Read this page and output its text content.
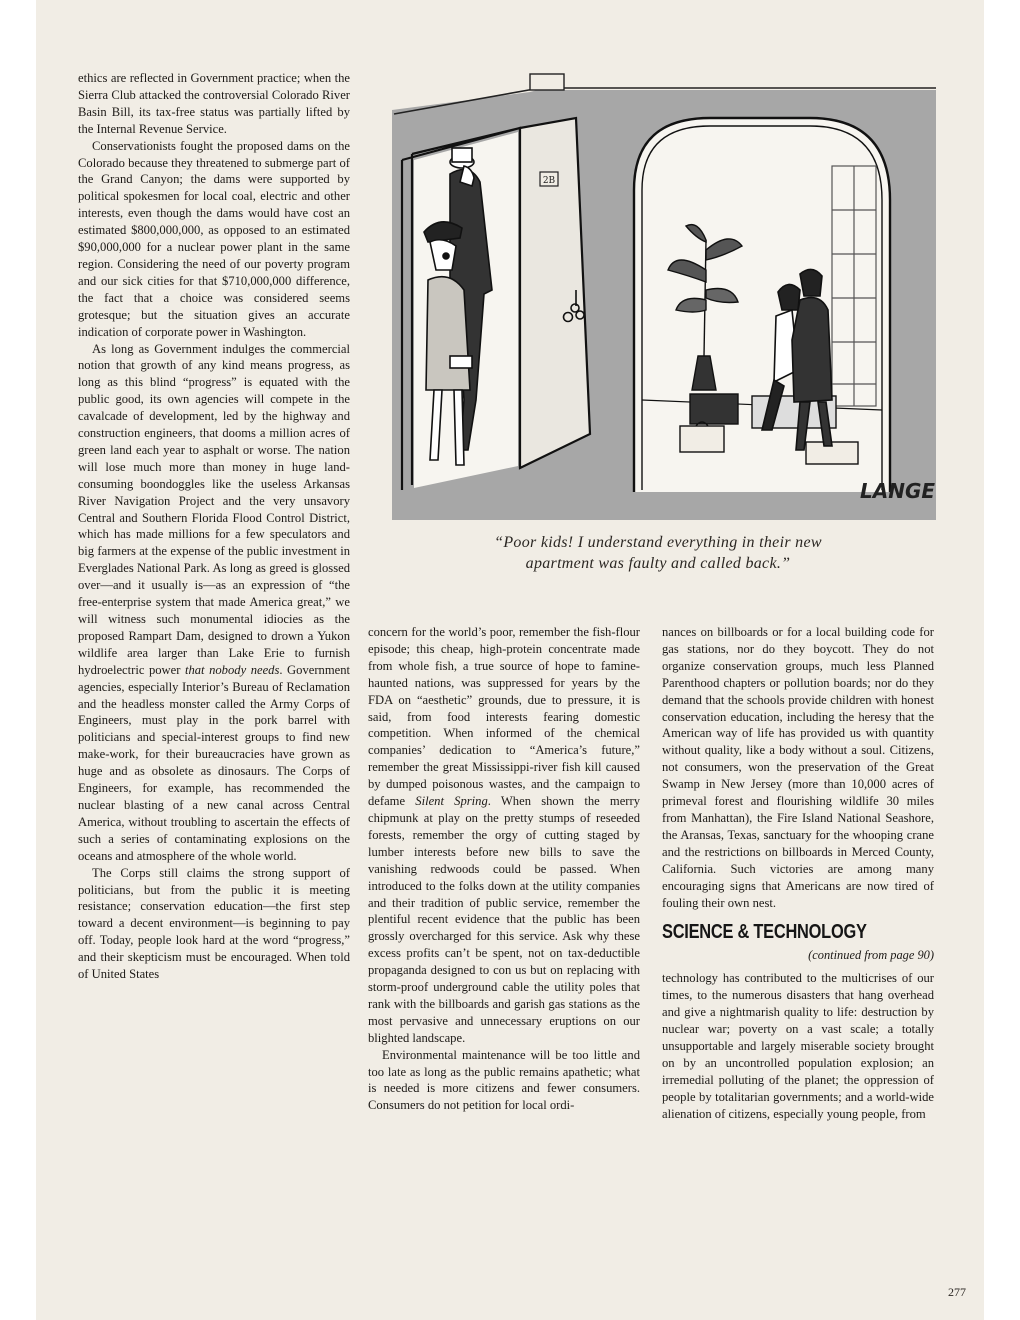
ethics are reflected in Government practice; when the Sierra Club attacked the controversial Colorado River Basin Bill, its tax-free status was partially lifted by the Internal Revenue Service.

Conservationists fought the proposed dams on the Colorado because they threatened to submerge part of the Grand Canyon; the dams were supported by political spokesmen for local coal, electric and other interests, even though the dams would have cost an estimated $800,000,000, as opposed to an estimated $90,000,000 for a nuclear power plant in the same region. Considering the need of our poverty program and our sick cities for that $710,000,000 difference, the fact that a choice was considered seems grotesque; but the situation gives an accurate indication of corporate power in Washington.

As long as Government indulges the commercial notion that growth of any kind means progress, as long as this blind “progress” is equated with the public good, its own agencies will compete in the cavalcade of development, led by the highway and construction engineers, that dooms a million acres of green land each year to asphalt or worse. The nation will lose much more than money in huge land-consuming boondoggles like the useless Arkansas River Navigation Project and the very unsavory Central and Southern Florida Flood Control District, which has made millions for a few speculators and big farmers at the expense of the public investment in Everglades National Park. As long as greed is glossed over—and it usually is—as an expression of “the free-enterprise system that made America great,” we will witness such monumental idiocies as the proposed Rampart Dam, designed to drown a Yukon wildlife area larger than Lake Erie to furnish hydroelectric power that nobody needs. Government agencies, especially Interior’s Bureau of Reclamation and the headless monster called the Army Corps of Engineers, must play in the pork barrel with politicians and special-interest groups to find new make-work, for their bureaucracies have grown as huge and as obsolete as dinosaurs. The Corps of Engineers, for example, has recommended the nuclear blasting of a new canal across Central America, without troubling to ascertain the effects of such a series of contaminating explosions on the oceans and atmosphere of the whole world.

The Corps still claims the strong support of politicians, but from the public it is meeting resistance; conservation education—the first step toward a decent environment—is beginning to pay off. Today, people look hard at the word “progress,” and their skepticism must be encouraged. When told of United States

2B
LANGE
“Poor kids! I understand everything in their new
apartment was faulty and called back.”

concern for the world’s poor, remember the fish-flour episode; this cheap, high-protein concentrate made from whole fish, a true source of hope to famine-haunted nations, was suppressed for years by the FDA on “aesthetic” grounds, due to pressure, it is said, from food interests fearing domestic competition. When informed of the chemical companies’ dedication to “America’s future,” remember the great Mississippi-river fish kill caused by dumped poisonous wastes, and the campaign to defame Silent Spring. When shown the merry chipmunk at play on the pretty stumps of reseeded forests, remember the orgy of cutting staged by lumber interests before new bills to save the vanishing redwoods could be passed. When introduced to the folks down at the utility companies and their tradition of public service, remember the plentiful recent evidence that the public has been grossly overcharged for this service. Ask why these excess profits can’t be spent, not on tax-deductible propaganda designed to con us but on replacing with storm-proof underground cable the utility poles that rank with the billboards and garish gas stations as the most pervasive and unnecessary eruptions on our blighted landscape.

Environmental maintenance will be too little and too late as long as the public remains apathetic; what is needed is more citizens and fewer consumers. Consumers do not petition for local ordi-

nances on billboards or for a local building code for gas stations, nor do they boycott. They do not organize conservation groups, much less Planned Parenthood chapters or pollution boards; nor do they demand that the schools provide children with honest conservation education, including the heresy that the American way of life has provided us with quantity without quality, like a body without a soul. Citizens, not consumers, won the preservation of the Great Swamp in New Jersey (more than 10,000 acres of primeval forest and flourishing wildlife 30 miles from Manhattan), the Fire Island National Seashore, the Aransas, Texas, sanctuary for the whooping crane and the restrictions on billboards in Merced County, California. Such victories are among many encouraging signs that Americans are now tired of fouling their own nest.

SCIENCE & TECHNOLOGY
(continued from page 90)

technology has contributed to the multicrises of our times, to the numerous disasters that hang overhead and give a nightmarish quality to life: destruction by nuclear war; poverty on a vast scale; a totally unsupportable and largely miserable society brought on by an uncontrolled population explosion; an irremedial polluting of the planet; the oppression of people by totalitarian governments; and a world-wide alienation of citizens, especially young people, from

277
